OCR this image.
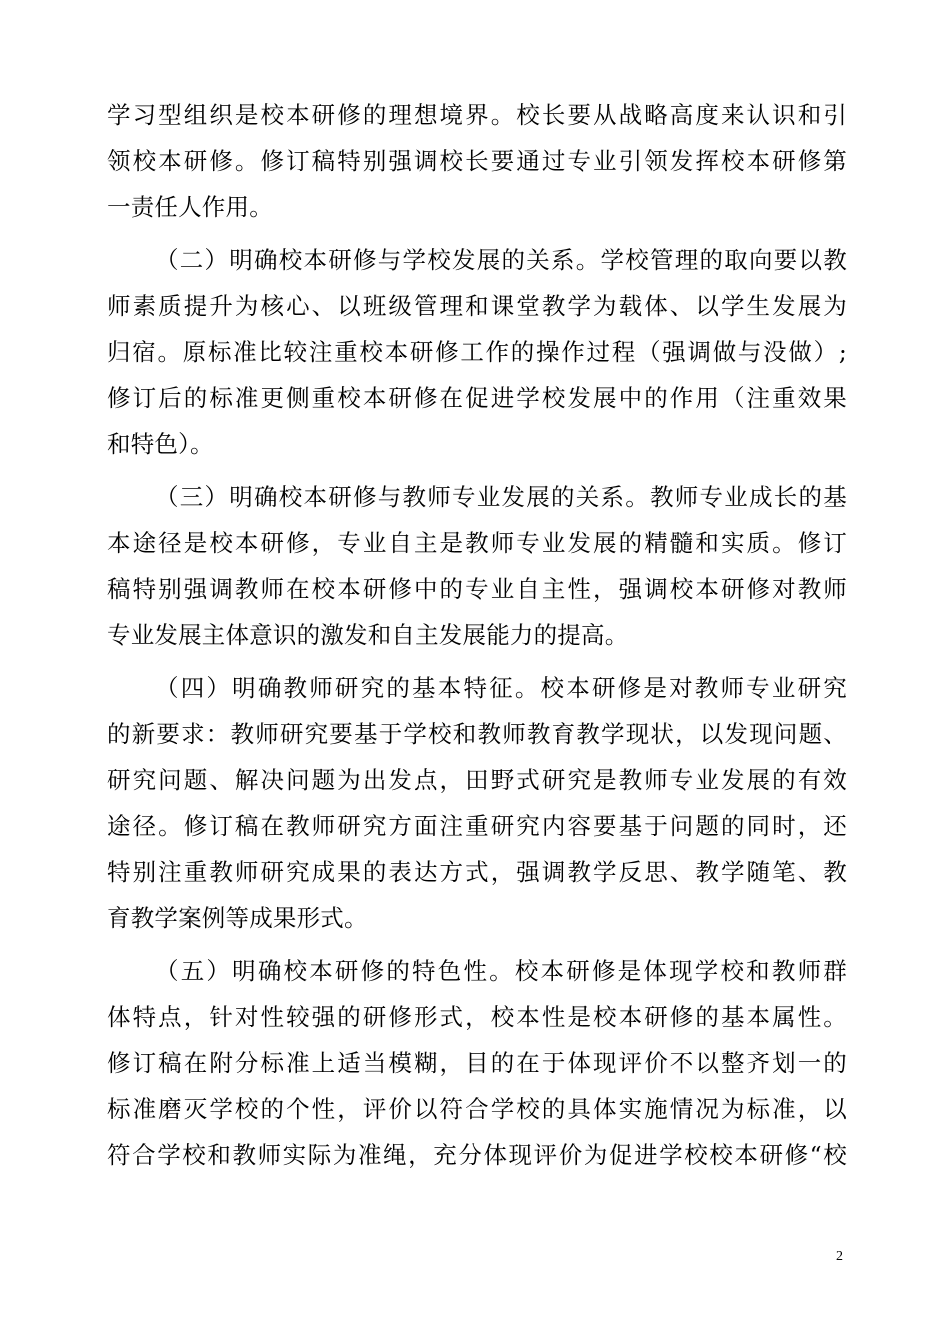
学习型组织是校本研修的理想境界。校长要从战略高度来认识和引
领校本研修。修订稿特别强调校长要通过专业引领发挥校本研修第
一责任人作用。
（二）明确校本研修与学校发展的关系。学校管理的取向要以教
师素质提升为核心、以班级管理和课堂教学为载体、以学生发展为
归宿。原标准比较注重校本研修工作的操作过程（强调做与没做）;
修订后的标准更侧重校本研修在促进学校发展中的作用（注重效果
和特色）。
（三）明确校本研修与教师专业发展的关系。教师专业成长的基
本途径是校本研修，专业自主是教师专业发展的精髓和实质。修订
稿特别强调教师在校本研修中的专业自主性，强调校本研修对教师
专业发展主体意识的激发和自主发展能力的提高。
（四）明确教师研究的基本特征。校本研修是对教师专业研究
的新要求：教师研究要基于学校和教师教育教学现状，以发现问题、
研究问题、解决问题为出发点，田野式研究是教师专业发展的有效
途径。修订稿在教师研究方面注重研究内容要基于问题的同时，还
特别注重教师研究成果的表达方式，强调教学反思、教学随笔、教
育教学案例等成果形式。
（五）明确校本研修的特色性。校本研修是体现学校和教师群
体特点，针对性较强的研修形式，校本性是校本研修的基本属性。
修订稿在附分标准上适当模糊，目的在于体现评价不以整齐划一的
标准磨灭学校的个性，评价以符合学校的具体实施情况为标准，以
符合学校和教师实际为准绳，充分体现评价为促进学校校本研修“校
2
